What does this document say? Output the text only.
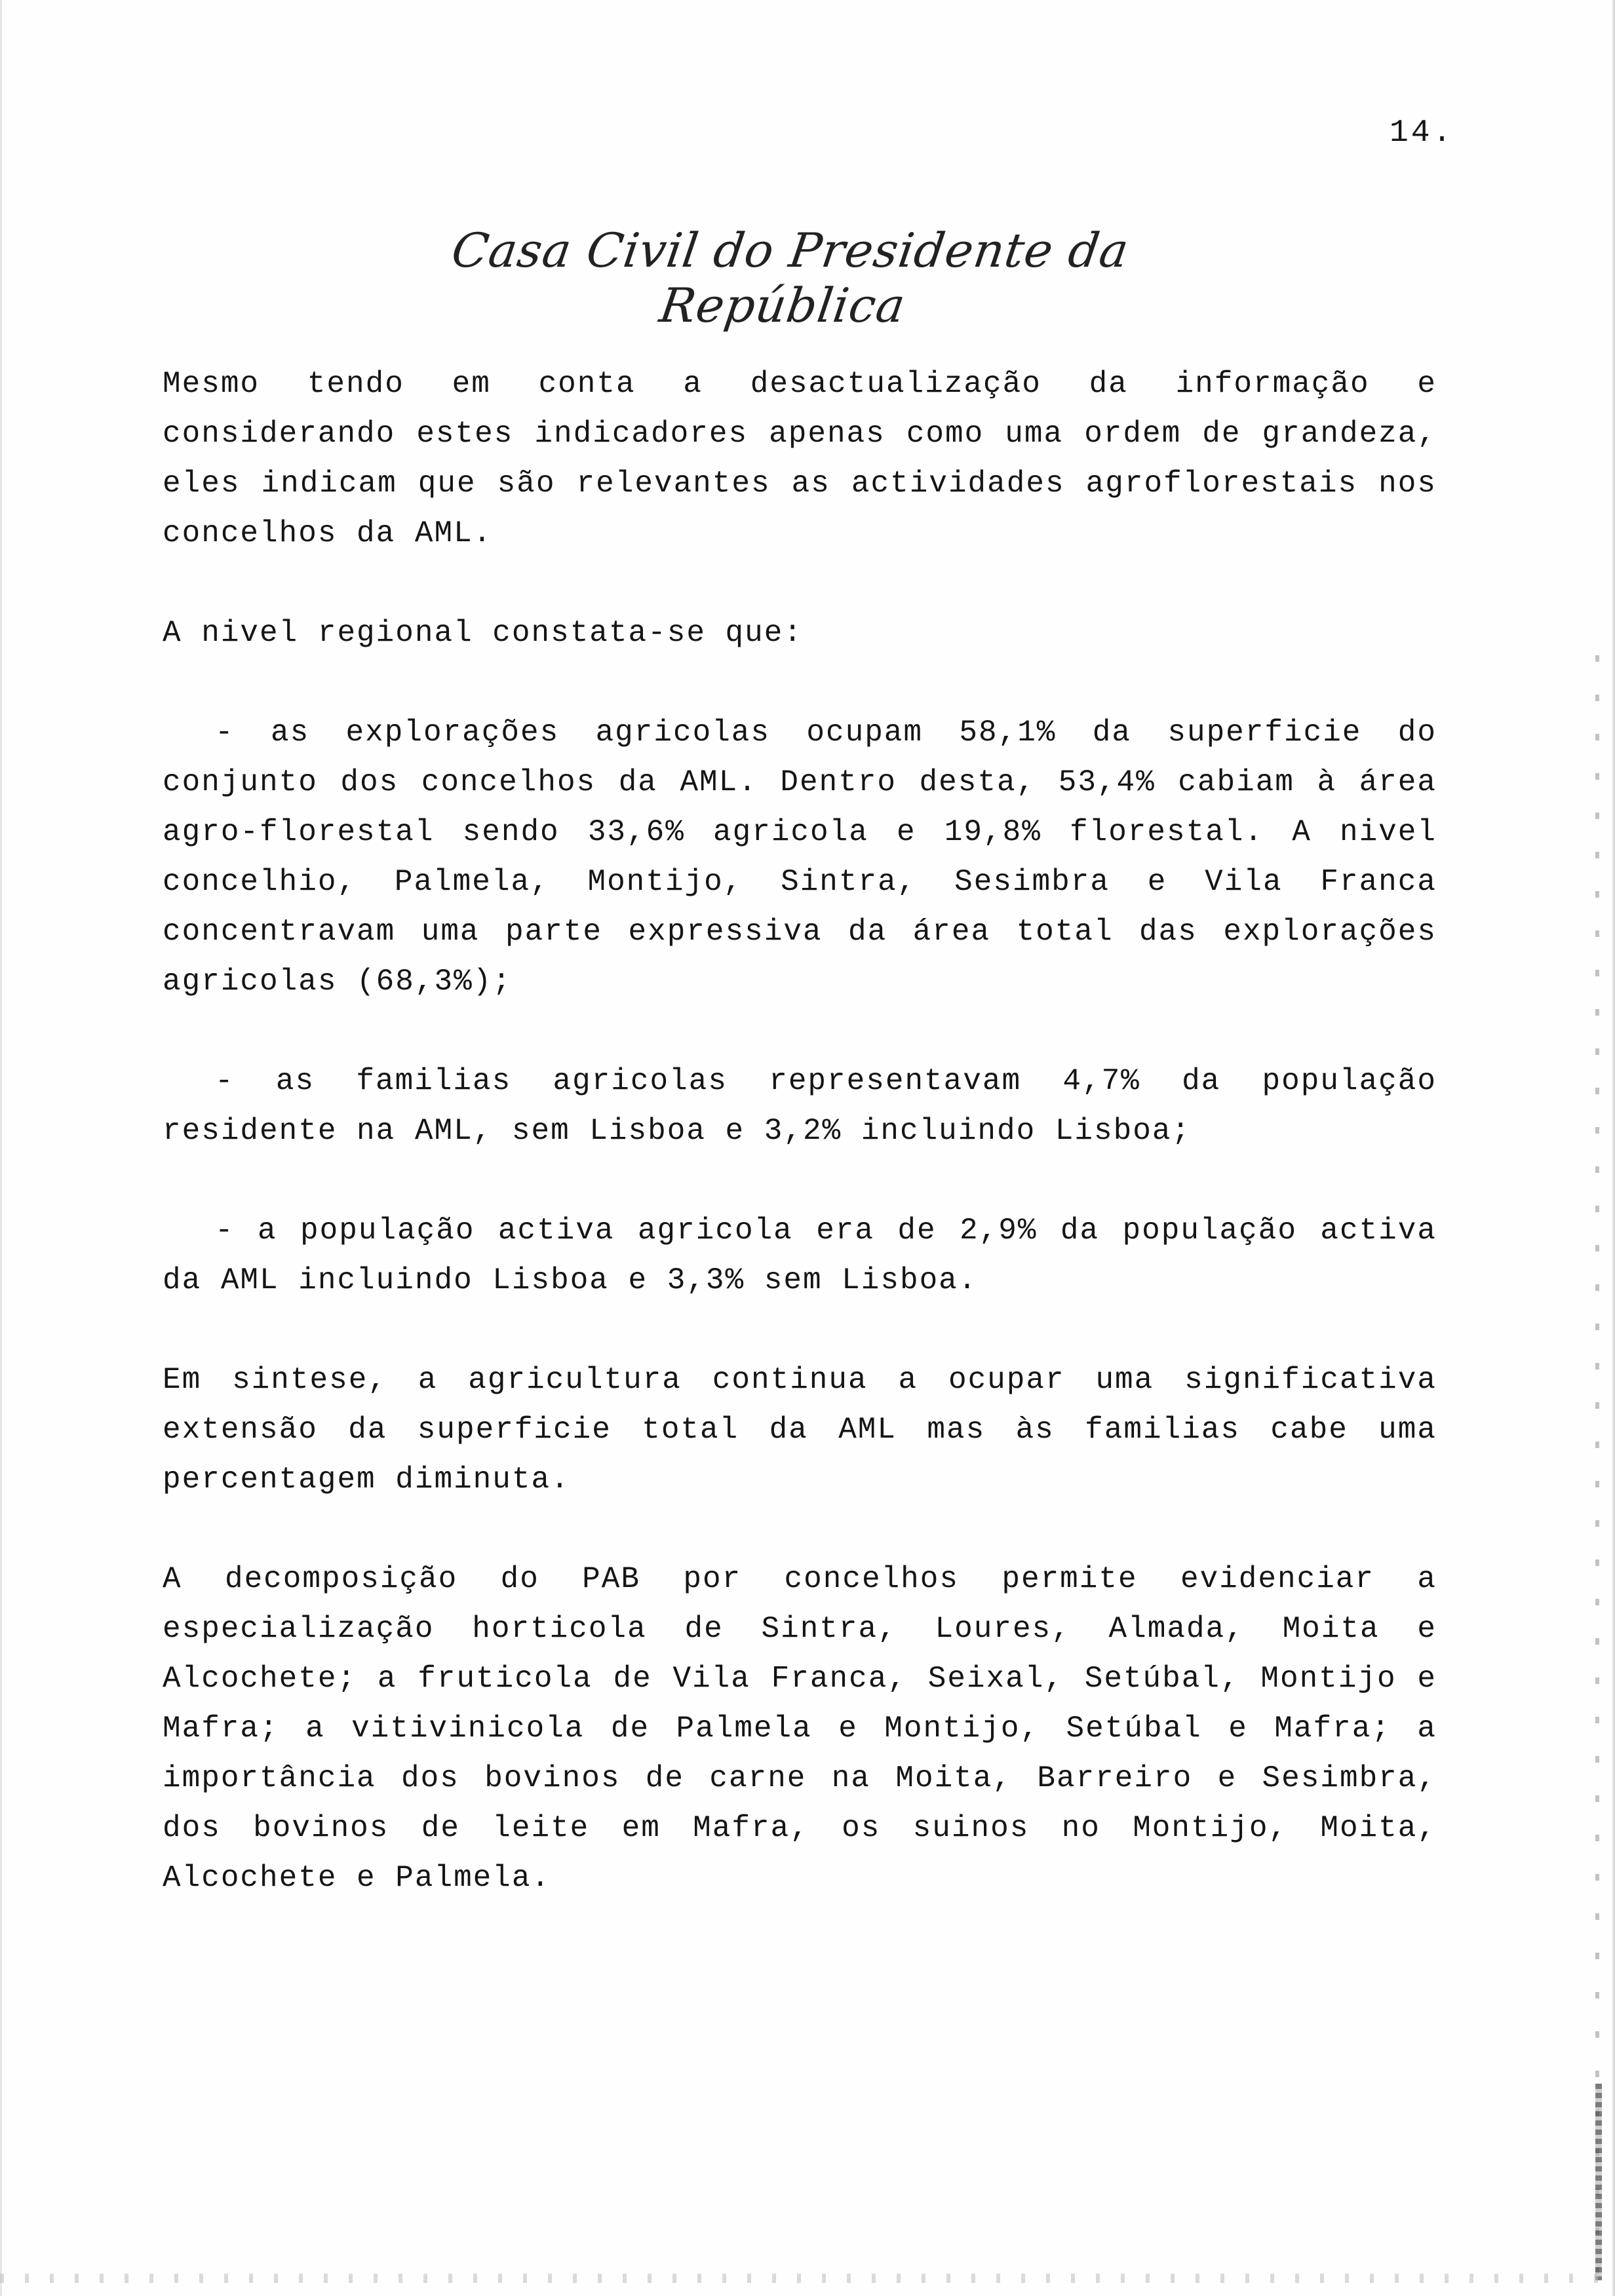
14.
Casa Civil do Presidente da República

Mesmo tendo em conta a desactualização da informação e considerando estes indicadores apenas como uma ordem de grandeza, eles indicam que são relevantes as actividades agroflorestais nos concelhos da AML.

A nivel regional constata-se que:

- as explorações agricolas ocupam 58,1% da superficie do conjunto dos concelhos da AML. Dentro desta, 53,4% cabiam à área agro-florestal sendo 33,6% agricola e 19,8% florestal. A nivel concelhio, Palmela, Montijo, Sintra, Sesimbra e Vila Franca concentravam uma parte expressiva da área total das explorações agricolas (68,3%);

- as familias agricolas representavam 4,7% da população residente na AML, sem Lisboa e 3,2% incluindo Lisboa;

- a população activa agricola era de 2,9% da população activa da AML incluindo Lisboa e 3,3% sem Lisboa.

Em sintese, a agricultura continua a ocupar uma significativa extensão da superficie total da AML mas às familias cabe uma percentagem diminuta.

A decomposição do PAB por concelhos permite evidenciar a especialização horticola de Sintra, Loures, Almada, Moita e Alcochete; a fruticola de Vila Franca, Seixal, Setúbal, Montijo e Mafra; a vitivinicola de Palmela e Montijo, Setúbal e Mafra; a importância dos bovinos de carne na Moita, Barreiro e Sesimbra, dos bovinos de leite em Mafra, os suinos no Montijo, Moita, Alcochete e Palmela.
